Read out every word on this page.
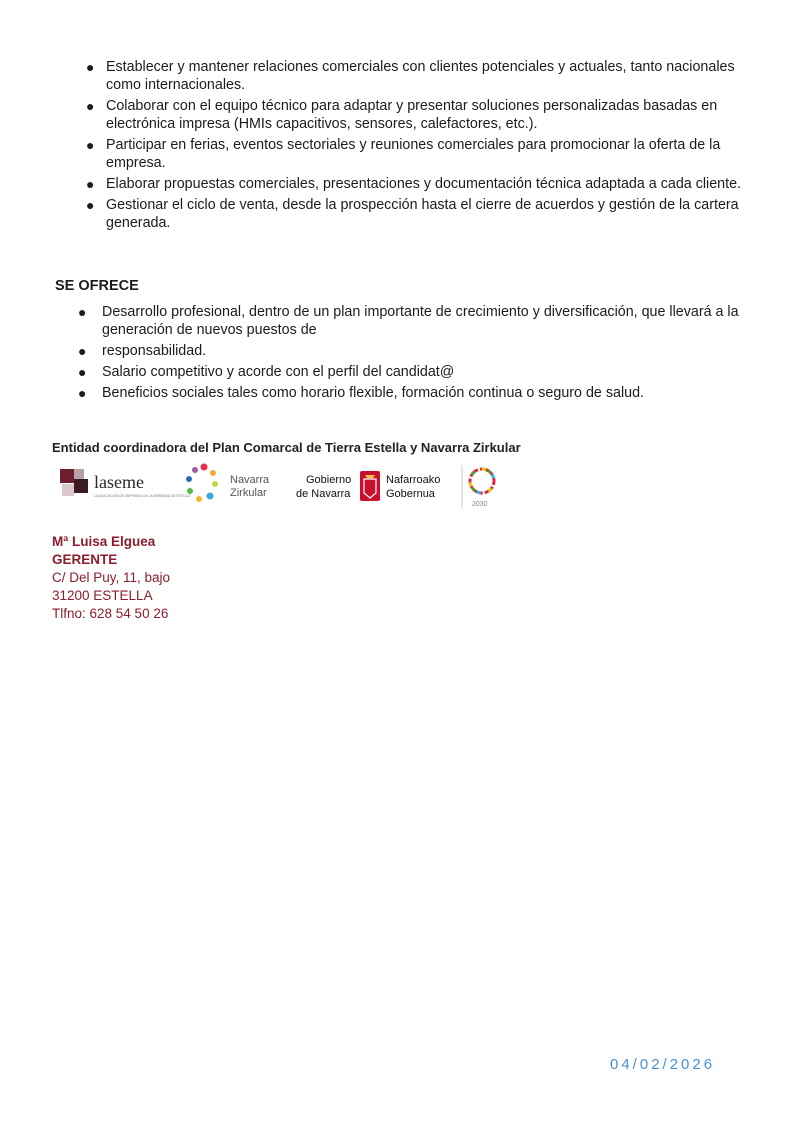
● Establecer y mantener relaciones comerciales con clientes potenciales y actuales, tanto nacionales como internacionales.
● Colaborar con el equipo técnico para adaptar y presentar soluciones personalizadas basadas en electrónica impresa (HMIs capacitivos, sensores, calefactores, etc.).
● Participar en ferias, eventos sectoriales y reuniones comerciales para promocionar la oferta de la empresa.
● Elaborar propuestas comerciales, presentaciones y documentación técnica adaptada a cada cliente.
● Gestionar el ciclo de venta, desde la prospección hasta el cierre de acuerdos y gestión de la cartera generada.
SE OFRECE
● Desarrollo profesional, dentro de un plan importante de crecimiento y diversificación, que llevará a la generación de nuevos puestos de
● responsabilidad.
● Salario competitivo y acorde con el perfil del candidat@
● Beneficios sociales tales como horario flexible, formación continua o seguro de salud.
Entidad coordinadora del Plan Comarcal de Tierra Estella y Navarra Zirkular
laseme
LA ASOCIACIÓN DE EMPRESAS DE LA MERINDAD DE ESTELLA
Navarra
Zirkular
Gobierno
de Navarra
Nafarroako
Gobernua
2030
Mª Luisa Elguea
GERENTE
C/ Del Puy, 11, bajo
31200 ESTELLA
Tlfno: 628 54 50 26
04/02/2026
